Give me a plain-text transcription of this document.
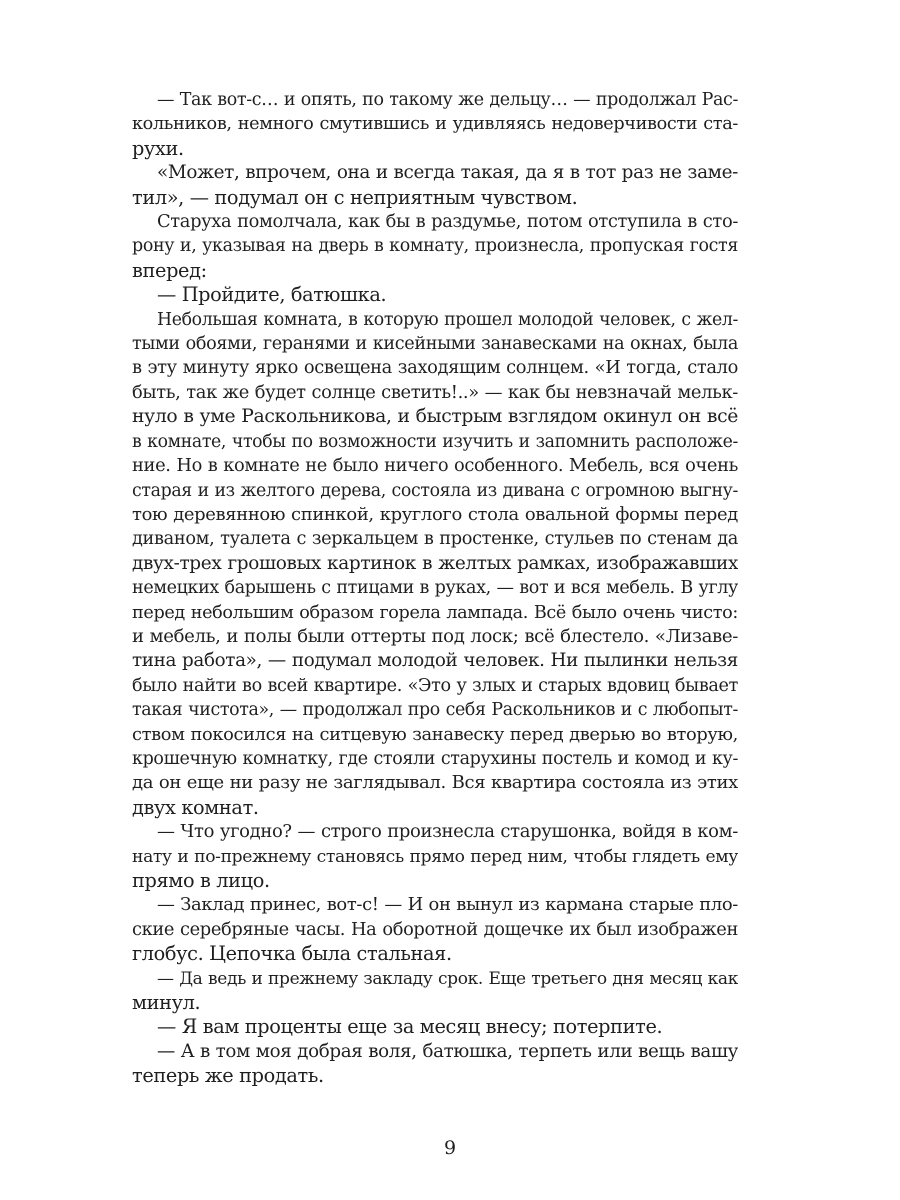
— Так вот-с… и опять, по такому же дельцу… — продолжал Рас-
кольников, немного смутившись и удивляясь недоверчивости ста-
рухи.
«Может, впрочем, она и всегда такая, да я в тот раз не заме-
тил», — подумал он с неприятным чувством.
Старуха помолчала, как бы в раздумье, потом отступила в сто-
рону и, указывая на дверь в комнату, произнесла, пропуская гостя
вперед:
— Пройдите, батюшка.
Небольшая комната, в которую прошел молодой человек, с жел-
тыми обоями, геранями и кисейными занавесками на окнах, была
в эту минуту ярко освещена заходящим солнцем. «И тогда, стало
быть, так же будет солнце светить!..» — как бы невзначай мельк-
нуло в уме Раскольникова, и быстрым взглядом окинул он всё
в комнате, чтобы по возможности изучить и запомнить расположе-
ние. Но в комнате не было ничего особенного. Мебель, вся очень
старая и из желтого дерева, состояла из дивана с огромною выгну-
тою деревянною спинкой, круглого стола овальной формы перед
диваном, туалета с зеркальцем в простенке, стульев по стенам да
двух-трех грошовых картинок в желтых рамках, изображавших
немецких барышень с птицами в руках, — вот и вся мебель. В углу
перед небольшим образом горела лампада. Всё было очень чисто:
и мебель, и полы были оттерты под лоск; всё блестело. «Лизаве-
тина работа», — подумал молодой человек. Ни пылинки нельзя
было найти во всей квартире. «Это у злых и старых вдовиц бывает
такая чистота», — продолжал про себя Раскольников и с любопыт-
ством покосился на ситцевую занавеску перед дверью во вторую,
крошечную комнатку, где стояли старухины постель и комод и ку-
да он еще ни разу не заглядывал. Вся квартира состояла из этих
двух комнат.
— Что угодно? — строго произнесла старушонка, войдя в ком-
нату и по-прежнему становясь прямо перед ним, чтобы глядеть ему
прямо в лицо.
— Заклад принес, вот-с! — И он вынул из кармана старые пло-
ские серебряные часы. На оборотной дощечке их был изображен
глобус. Цепочка была стальная.
— Да ведь и прежнему закладу срок. Еще третьего дня месяц как
минул.
— Я вам проценты еще за месяц внесу; потерпите.
— А в том моя добрая воля, батюшка, терпеть или вещь вашу
теперь же продать.
9
